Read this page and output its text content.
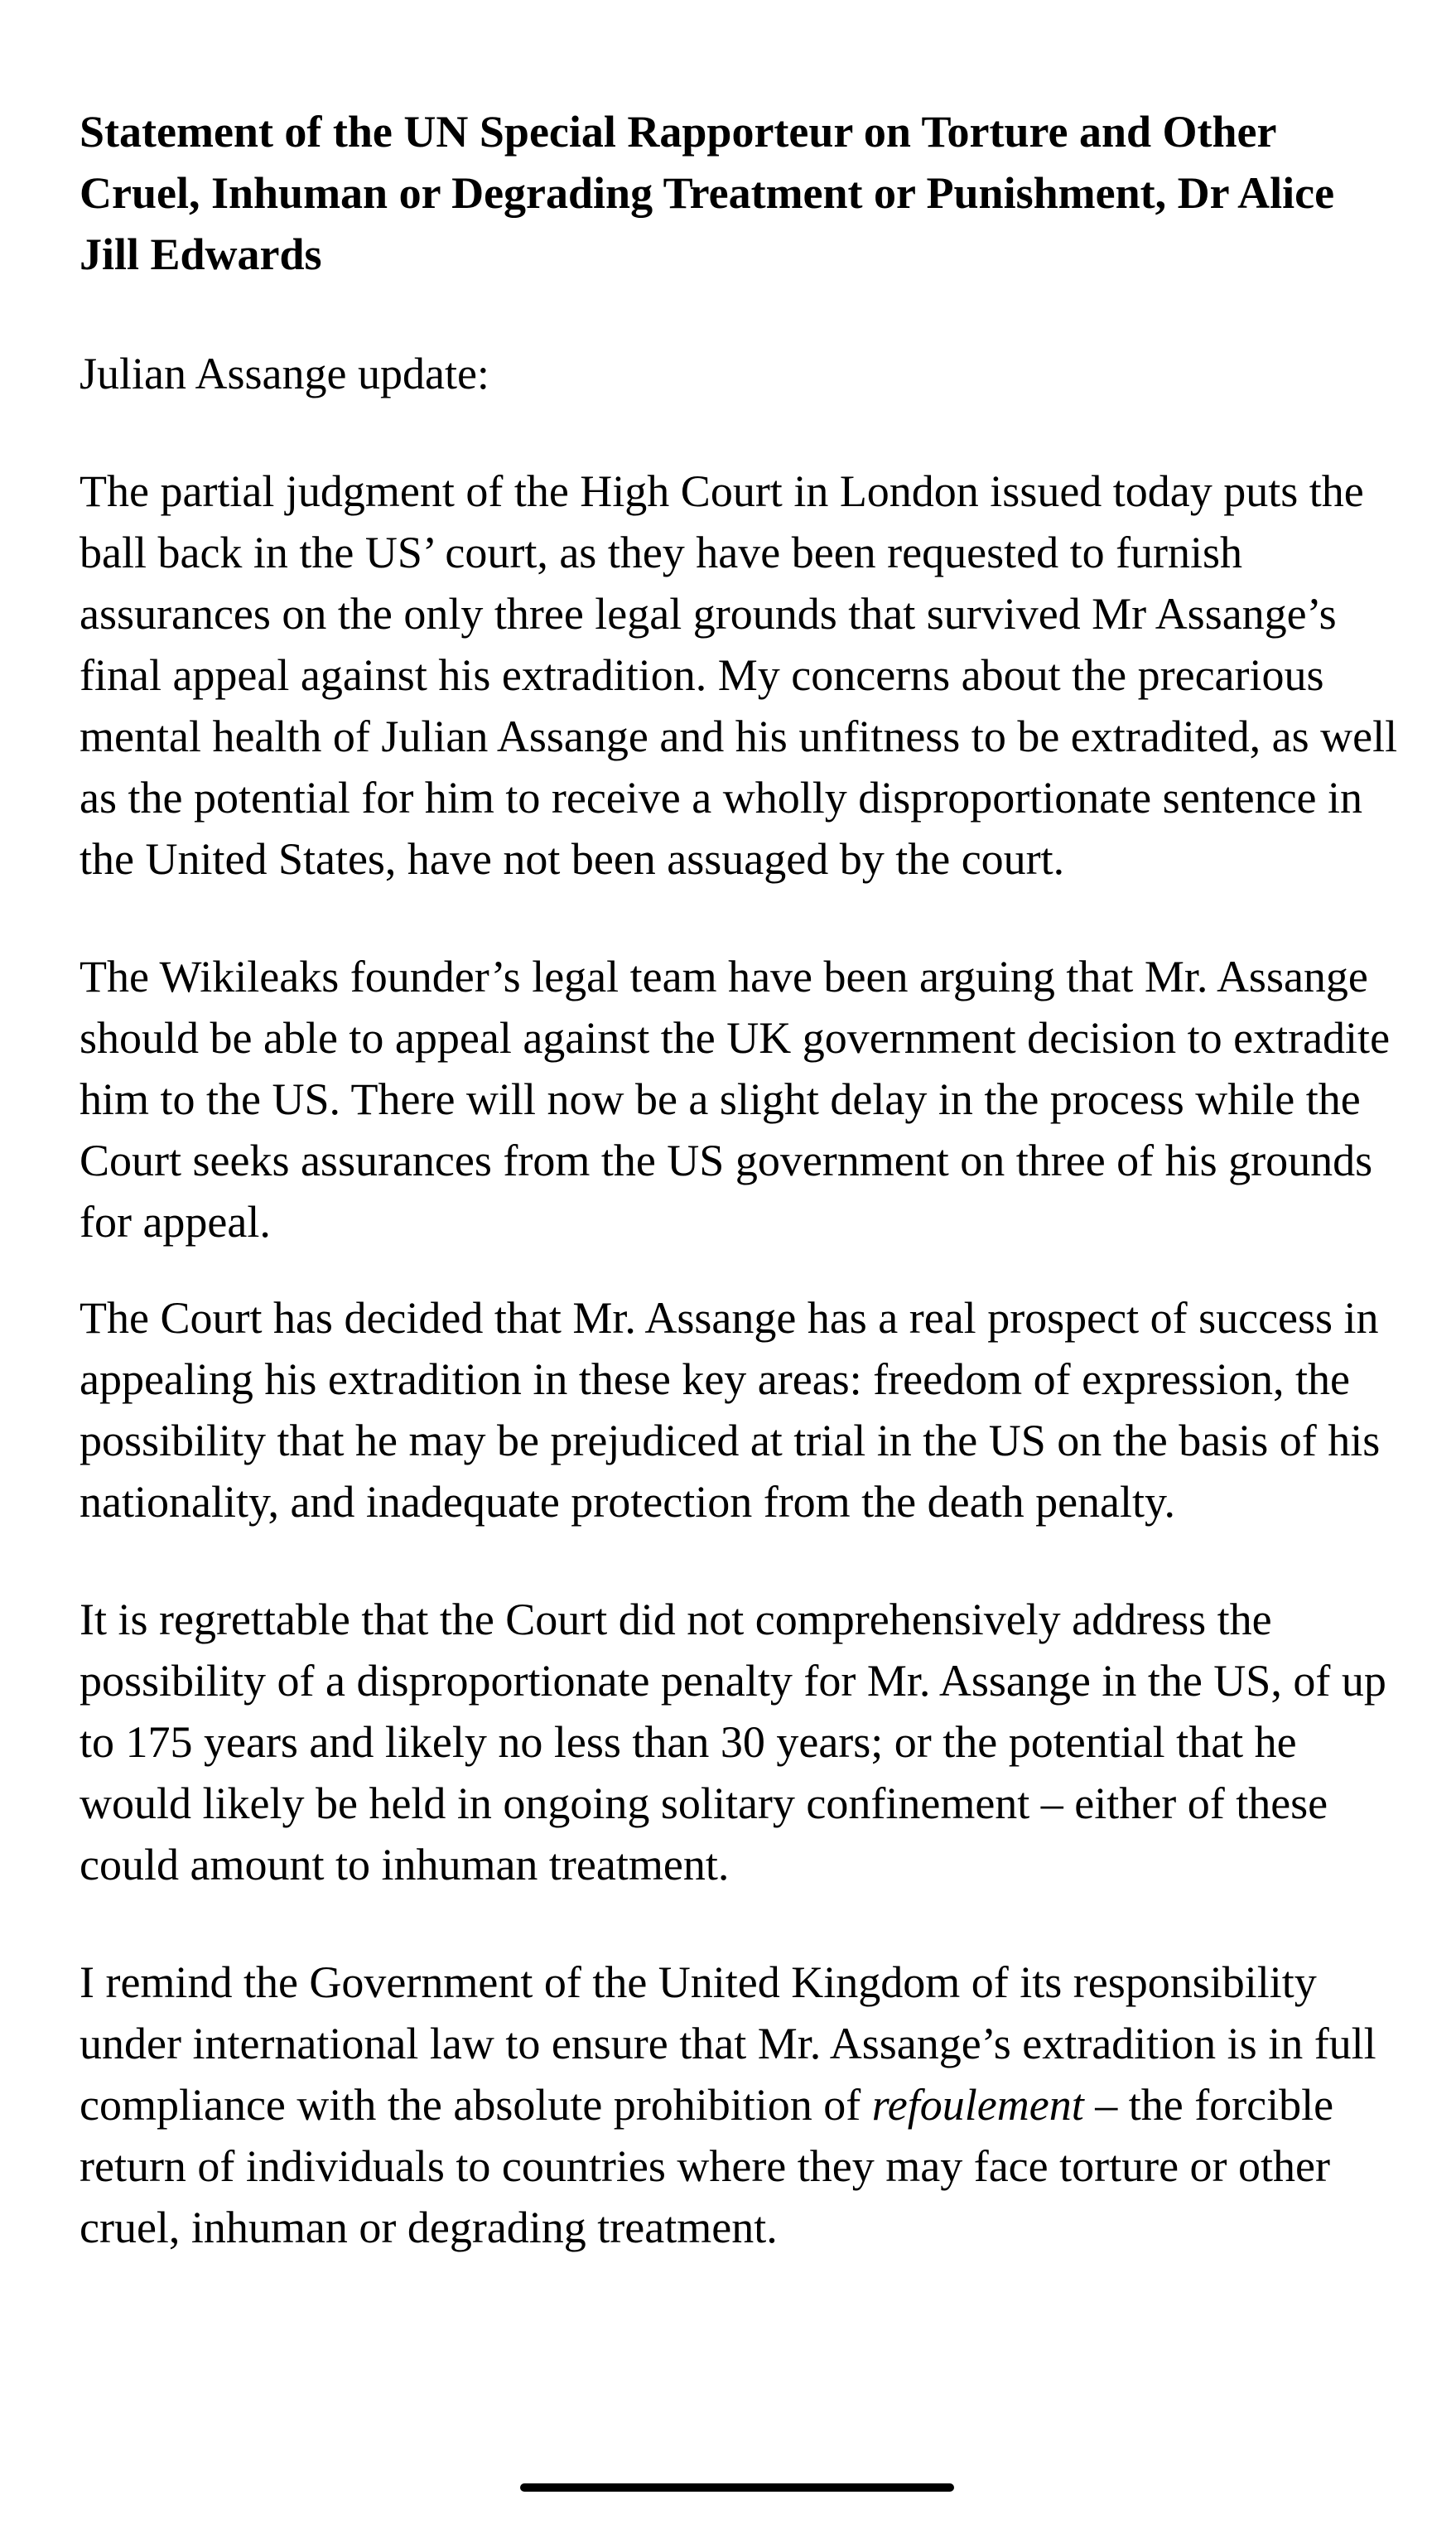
Statement of the UN Special Rapporteur on Torture and Other Cruel, Inhuman or Degrading Treatment or Punishment, Dr Alice Jill Edwards

Julian Assange update:

The partial judgment of the High Court in London issued today puts the ball back in the US’ court, as they have been requested to furnish assurances on the only three legal grounds that survived Mr Assange’s final appeal against his extradition. My concerns about the precarious mental health of Julian Assange and his unfitness to be extradited, as well as the potential for him to receive a wholly disproportionate sentence in the United States, have not been assuaged by the court.

The Wikileaks founder’s legal team have been arguing that Mr. Assange should be able to appeal against the UK government decision to extradite him to the US. There will now be a slight delay in the process while the Court seeks assurances from the US government on three of his grounds for appeal.

The Court has decided that Mr. Assange has a real prospect of success in appealing his extradition in these key areas: freedom of expression, the possibility that he may be prejudiced at trial in the US on the basis of his nationality, and inadequate protection from the death penalty.

It is regrettable that the Court did not comprehensively address the possibility of a disproportionate penalty for Mr. Assange in the US, of up to 175 years and likely no less than 30 years; or the potential that he would likely be held in ongoing solitary confinement – either of these could amount to inhuman treatment.

I remind the Government of the United Kingdom of its responsibility under international law to ensure that Mr. Assange’s extradition is in full compliance with the absolute prohibition of refoulement – the forcible return of individuals to countries where they may face torture or other cruel, inhuman or degrading treatment.
